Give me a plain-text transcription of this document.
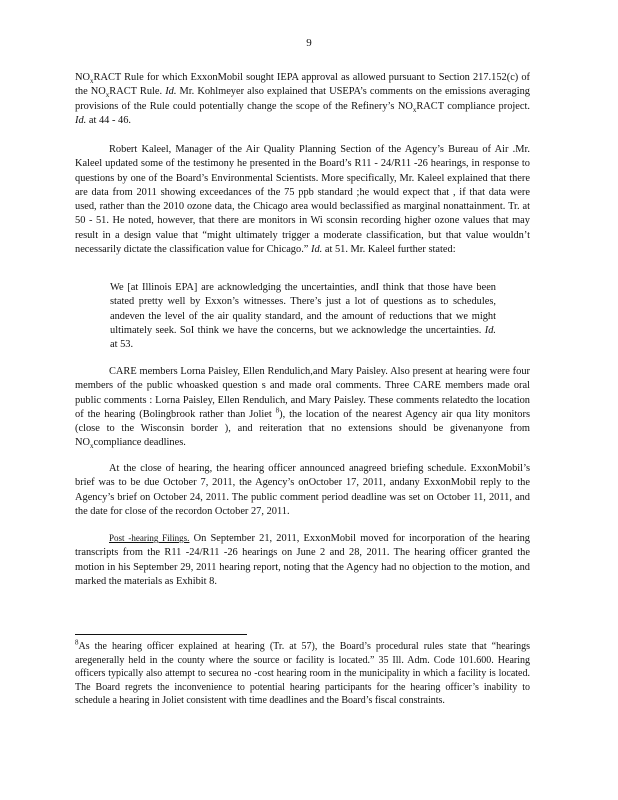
9

$NO_xRACT$ Rule for which ExxonMobil sought IEPA approval as allowed pursuant to Section 217.152(c) of the $NO_xRACT$ Rule. Id. Mr. Kohlmeyer also explained that USEPA’s comments on the emissions averaging provisions of the Rule could potentially change the scope of the Refinery’s $NO_xRACT$ compliance project. Id. at 44 - 46.

Robert Kaleel, Manager of the Air Quality Planning Section of the Agency’s Bureau of Air .Mr. Kaleel updated some of the testimony he presented in the Board’s R11 - 24/R11 -26 hearings, in response to questions by one of the Board’s Environmental Scientists. More specifically, Mr. Kaleel explained that there are data from 2011 showing exceedances of the 75 ppb standard ;he would expect that , if that data were used, rather than the 2010 ozone data, the Chicago area would beclassified as marginal nonattainment. Tr. at 50 - 51. He noted, however, that there are monitors in Wi sconsin recording higher ozone values that may result in a design value that “might ultimately trigger a moderate classification, but that value wouldn’t necessarily dictate the classification value for Chicago.” Id. at 51. Mr. Kaleel further stated:

We [at Illinois EPA] are acknowledging the uncertainties, andI think that those have been stated pretty well by Exxon’s witnesses. There’s just a lot of questions as to schedules, andeven the level of the air quality standard, and the amount of reductions that we might ultimately seek. SoI think we have the concerns, but we acknowledge the uncertainties. Id. at 53.

CARE members Lorna Paisley, Ellen Rendulich,and Mary Paisley. Also present at hearing were four members of the public whoasked question s and made oral comments. Three CARE members made oral public comments : Lorna Paisley, Ellen Rendulich, and Mary Paisley. These comments relatedto the location of the hearing (Bolingbrook rather than Joliet $^8$), the location of the nearest Agency air qua lity monitors (close to the Wisconsin border ), and reiteration that no extensions should be givenanyone from $NO_xcompliance$ deadlines.

At the close of hearing, the hearing officer announced anagreed briefing schedule. ExxonMobil’s brief was to be due October 7, 2011, the Agency’s onOctober 17, 2011, andany ExxonMobil reply to the Agency’s brief on October 24, 2011. The public comment period deadline was set on October 11, 2011, and the date for close of the recordon October 27, 2011.

Post -hearing Filings. On September 21, 2011, ExxonMobil moved for incorporation of the hearing transcripts from the R11 -24/R11 -26 hearings on June 2 and 28, 2011. The hearing officer granted the motion in his September 29, 2011 hearing report, noting that the Agency had no objection to the motion, and marked the materials as Exhibit 8.

$^8$As the hearing officer explained at hearing (Tr. at 57), the Board’s procedural rules state that “hearings aregenerally held in the county where the source or facility is located.” 35 Ill. Adm. Code 101.600. Hearing officers typically also attempt to securea no -cost hearing room in the municipality in which a facility is located. The Board regrets the inconvenience to potential hearing participants for the hearing officer’s inability to schedule a hearing in Joliet consistent with time deadlines and the Board’s fiscal constraints.
